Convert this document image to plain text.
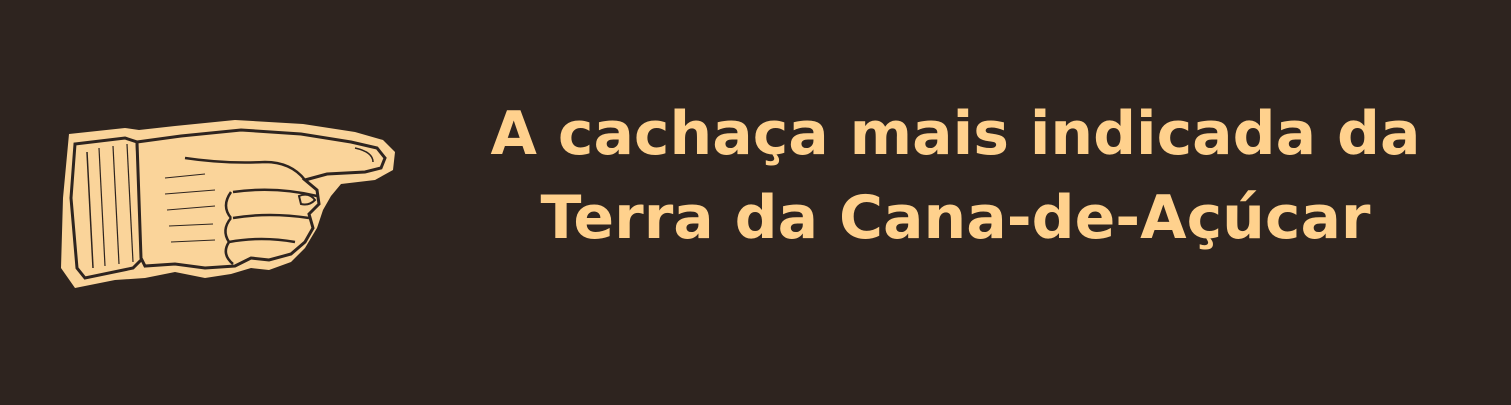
A cachaça mais indicada da
Terra da Cana-de-Açúcar
